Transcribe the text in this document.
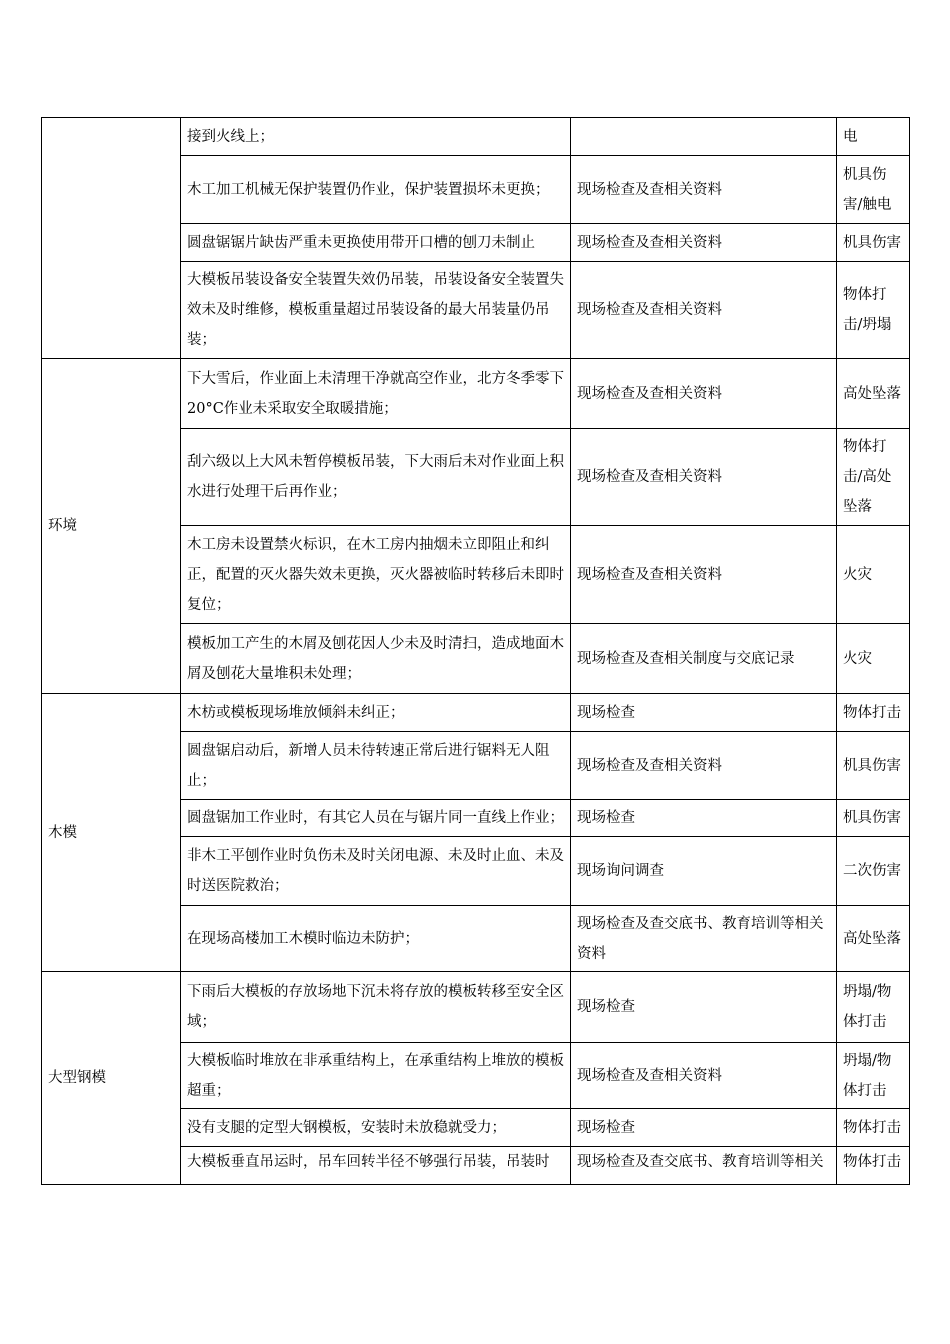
	接到火线上；		电
	木工加工机械无保护装置仍作业，保护装置损坏未更换；	现场检查及查相关资料	机具伤害/触电
	圆盘锯锯片缺齿严重未更换使用带开口槽的刨刀未制止	现场检查及查相关资料	机具伤害
	大模板吊装设备安全装置失效仍吊装，吊装设备安全装置失效未及时维修，模板重量超过吊装设备的最大吊装量仍吊装；	现场检查及查相关资料	物体打击/坍塌
环境	下大雪后，作业面上未清理干净就高空作业，北方冬季零下20°C作业未采取安全取暖措施；	现场检查及查相关资料	高处坠落
	刮六级以上大风未暂停模板吊装，下大雨后未对作业面上积水进行处理干后再作业；	现场检查及查相关资料	物体打击/高处坠落
	木工房未设置禁火标识，在木工房内抽烟未立即阻止和纠正，配置的灭火器失效未更换，灭火器被临时转移后未即时复位；	现场检查及查相关资料	火灾
	模板加工产生的木屑及刨花因人少未及时清扫，造成地面木屑及刨花大量堆积未处理；	现场检查及查相关制度与交底记录	火灾
木模	木枋或模板现场堆放倾斜未纠正；	现场检查	物体打击
	圆盘锯启动后，新增人员未待转速正常后进行锯料无人阻止；	现场检查及查相关资料	机具伤害
	圆盘锯加工作业时，有其它人员在与锯片同一直线上作业；	现场检查	机具伤害
	非木工平刨作业时负伤未及时关闭电源、未及时止血、未及时送医院救治；	现场询问调查	二次伤害
	在现场高楼加工木模时临边未防护；	现场检查及查交底书、教育培训等相关资料	高处坠落
大型钢模	下雨后大模板的存放场地下沉未将存放的模板转移至安全区域；	现场检查	坍塌/物体打击
	大模板临时堆放在非承重结构上，在承重结构上堆放的模板超重；	现场检查及查相关资料	坍塌/物体打击
	没有支腿的定型大钢模板，安装时未放稳就受力；	现场检查	物体打击
	大模板垂直吊运时，吊车回转半径不够强行吊装，吊装时	现场检查及查交底书、教育培训等相关	物体打击
